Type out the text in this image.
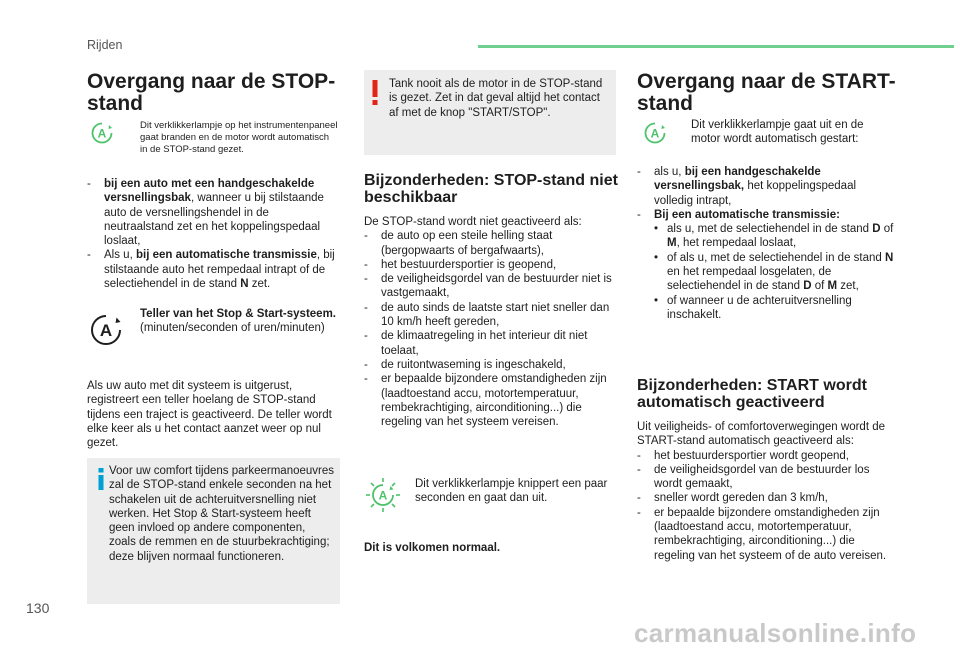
Rijden
Overgang naar de STOP-
stand
A
Dit verklikkerlampje op het instrumentenpaneel
gaat branden en de motor wordt automatisch
in de STOP-stand gezet.
- bij een auto met een handgeschakelde versnellingsbak, wanneer u bij stilstaande auto de versnellingshendel in de neutraalstand zet en het koppelingspedaal loslaat,
- Als u, bij een automatische transmissie, bij stilstaande auto het rempedaal intrapt of de selectiehendel in de stand N zet.
A
Teller van het Stop & Start-systeem.
(minuten/seconden of uren/minuten)
Als uw auto met dit systeem is uitgerust, registreert een teller hoelang de STOP-stand tijdens een traject is geactiveerd. De teller wordt elke keer als u het contact aanzet weer op nul gezet.
Voor uw comfort tijdens parkeermanoeuvres zal de STOP-stand enkele seconden na het schakelen uit de achteruitversnelling niet werken. Het Stop & Start-systeem heeft geen invloed op andere componenten, zoals de remmen en de stuurbekrachtiging; deze blijven normaal functioneren.
Tank nooit als de motor in de STOP-stand is gezet. Zet in dat geval altijd het contact af met de knop "START/STOP".
Bijzonderheden: STOP-stand niet
beschikbaar
De STOP-stand wordt niet geactiveerd als:
- de auto op een steile helling staat (bergopwaarts of bergafwaarts),
- het bestuurdersportier is geopend,
- de veiligheidsgordel van de bestuurder niet is vastgemaakt,
- de auto sinds de laatste start niet sneller dan 10 km/h heeft gereden,
- de klimaatregeling in het interieur dit niet toelaat,
- de ruitontwaseming is ingeschakeld,
- er bepaalde bijzondere omstandigheden zijn (laadtoestand accu, motortemperatuur, rembekrachtiging, airconditioning...) die regeling van het systeem vereisen.
A
Dit verklikkerlampje knippert een paar seconden en gaat dan uit.
Dit is volkomen normaal.
Overgang naar de START-
stand
A
Dit verklikkerlampje gaat uit en de motor wordt automatisch gestart:
- als u, bij een handgeschakelde versnellingsbak, het koppelingspedaal volledig intrapt,
- Bij een automatische transmissie:
• als u, met de selectiehendel in de stand D of M, het rempedaal loslaat,
• of als u, met de selectiehendel in de stand N en het rempedaal losgelaten, de selectiehendel in de stand D of M zet,
• of wanneer u de achteruitversnelling inschakelt.
Bijzonderheden: START wordt
automatisch geactiveerd
Uit veiligheids- of comfortoverwegingen wordt de START-stand automatisch geactiveerd als:
- het bestuurdersportier wordt geopend,
- de veiligheidsgordel van de bestuurder los wordt gemaakt,
- sneller wordt gereden dan 3 km/h,
- er bepaalde bijzondere omstandigheden zijn (laadtoestand accu, motortemperatuur, rembekrachtiging, airconditioning...) die regeling van het systeem of de auto vereisen.
130
carmanualsonline.info
